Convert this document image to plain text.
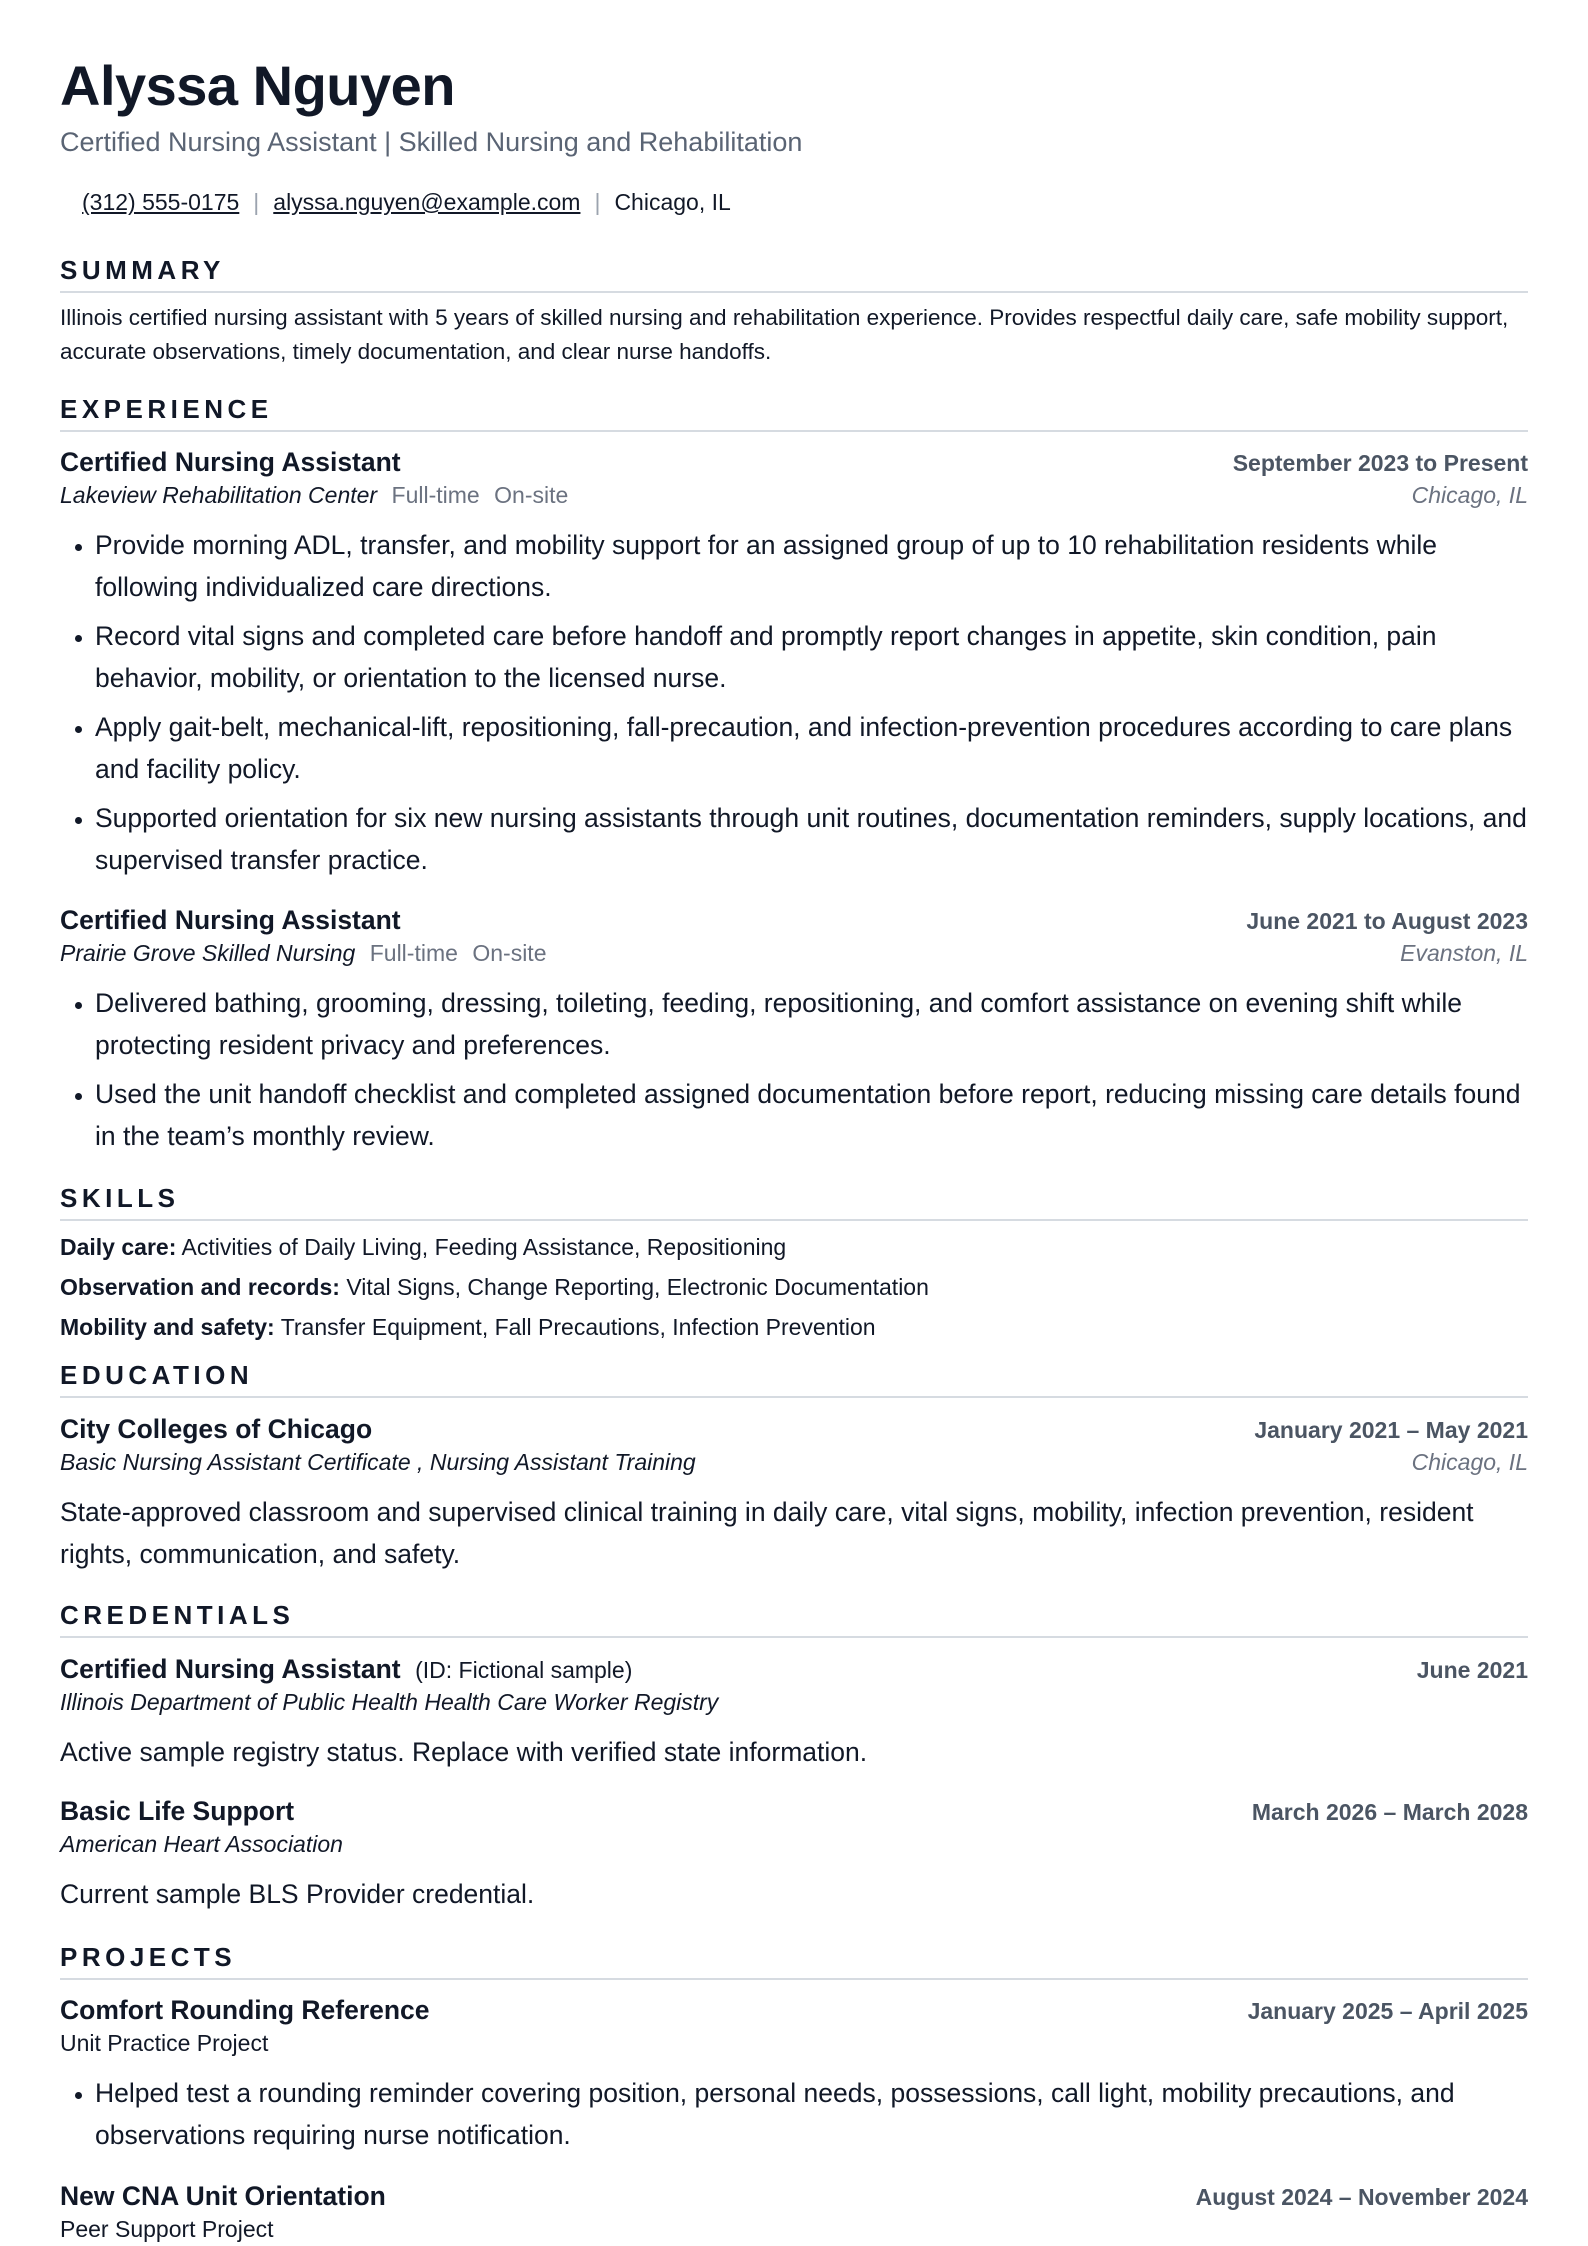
Alyssa Nguyen
Certified Nursing Assistant | Skilled Nursing and Rehabilitation
(312) 555-0175 | alyssa.nguyen@example.com | Chicago, IL
SUMMARY
Illinois certified nursing assistant with 5 years of skilled nursing and rehabilitation experience. Provides respectful daily care, safe mobility support, accurate observations, timely documentation, and clear nurse handoffs.
EXPERIENCE
Certified Nursing Assistant	September 2023 to Present
Lakeview Rehabilitation Center Full-time On-site	Chicago, IL
• Provide morning ADL, transfer, and mobility support for an assigned group of up to 10 rehabilitation residents while following individualized care directions.
• Record vital signs and completed care before handoff and promptly report changes in appetite, skin condition, pain behavior, mobility, or orientation to the licensed nurse.
• Apply gait-belt, mechanical-lift, repositioning, fall-precaution, and infection-prevention procedures according to care plans and facility policy.
• Supported orientation for six new nursing assistants through unit routines, documentation reminders, supply locations, and supervised transfer practice.
Certified Nursing Assistant	June 2021 to August 2023
Prairie Grove Skilled Nursing Full-time On-site	Evanston, IL
• Delivered bathing, grooming, dressing, toileting, feeding, repositioning, and comfort assistance on evening shift while protecting resident privacy and preferences.
• Used the unit handoff checklist and completed assigned documentation before report, reducing missing care details found in the team’s monthly review.
SKILLS
Daily care: Activities of Daily Living, Feeding Assistance, Repositioning
Observation and records: Vital Signs, Change Reporting, Electronic Documentation
Mobility and safety: Transfer Equipment, Fall Precautions, Infection Prevention
EDUCATION
City Colleges of Chicago	January 2021 – May 2021
Basic Nursing Assistant Certificate , Nursing Assistant Training	Chicago, IL
State-approved classroom and supervised clinical training in daily care, vital signs, mobility, infection prevention, resident rights, communication, and safety.
CREDENTIALS
Certified Nursing Assistant (ID: Fictional sample)	June 2021
Illinois Department of Public Health Health Care Worker Registry
Active sample registry status. Replace with verified state information.
Basic Life Support	March 2026 – March 2028
American Heart Association
Current sample BLS Provider credential.
PROJECTS
Comfort Rounding Reference	January 2025 – April 2025
Unit Practice Project
• Helped test a rounding reminder covering position, personal needs, possessions, call light, mobility precautions, and observations requiring nurse notification.
New CNA Unit Orientation	August 2024 – November 2024
Peer Support Project
